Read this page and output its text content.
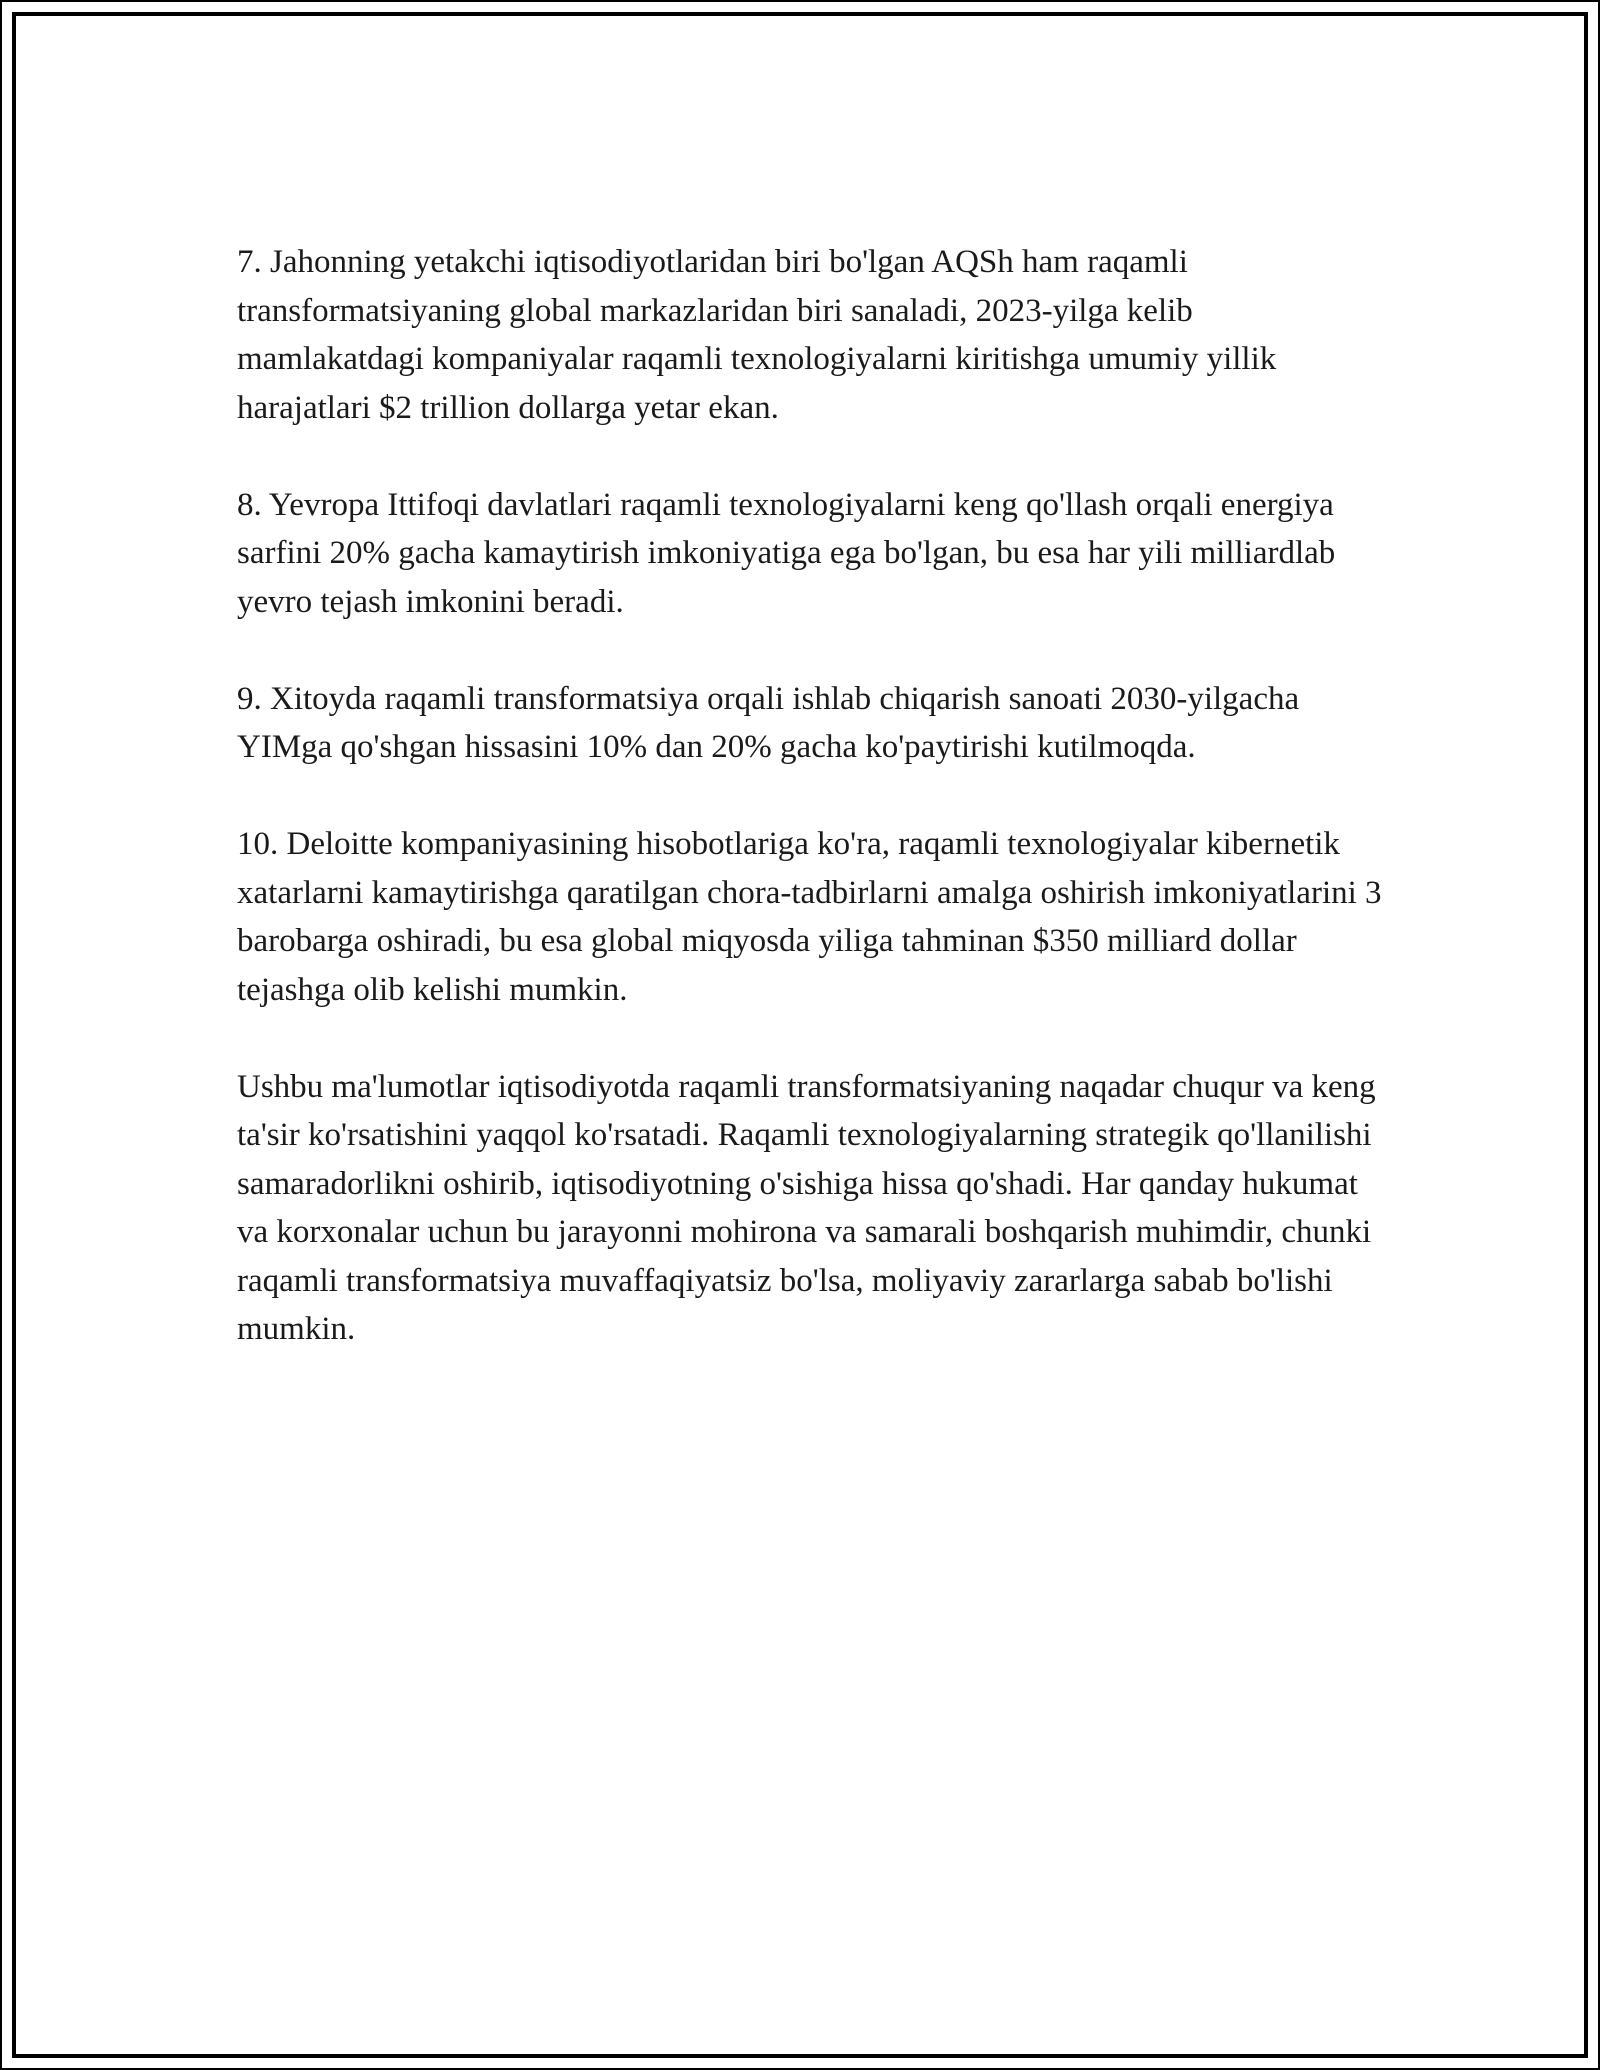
7. Jahonning yetakchi iqtisodiyotlaridan biri bo'lgan AQSh ham raqamli transformatsiyaning global markazlaridan biri sanaladi, 2023-yilga kelib mamlakatdagi kompaniyalar raqamli texnologiyalarni kiritishga umumiy yillik harajatlari $2 trillion dollarga yetar ekan.

8. Yevropa Ittifoqi davlatlari raqamli texnologiyalarni keng qo'llash orqali energiya sarfini 20% gacha kamaytirish imkoniyatiga ega bo'lgan, bu esa har yili milliardlab yevro tejash imkonini beradi.

9. Xitoyda raqamli transformatsiya orqali ishlab chiqarish sanoati 2030-yilgacha YIMga qo'shgan hissasini 10% dan 20% gacha ko'paytirishi kutilmoqda.

10. Deloitte kompaniyasining hisobotlariga ko'ra, raqamli texnologiyalar kibernetik xatarlarni kamaytirishga qaratilgan chora-tadbirlarni amalga oshirish imkoniyatlarini 3 barobarga oshiradi, bu esa global miqyosda yiliga tahminan $350 milliard dollar tejashga olib kelishi mumkin.

Ushbu ma'lumotlar iqtisodiyotda raqamli transformatsiyaning naqadar chuqur va keng ta'sir ko'rsatishini yaqqol ko'rsatadi. Raqamli texnologiyalarning strategik qo'llanilishi samaradorlikni oshirib, iqtisodiyotning o'sishiga hissa qo'shadi. Har qanday hukumat va korxonalar uchun bu jarayonni mohirona va samarali boshqarish muhimdir, chunki raqamli transformatsiya muvaffaqiyatsiz bo'lsa, moliyaviy zararlarga sabab bo'lishi mumkin.
